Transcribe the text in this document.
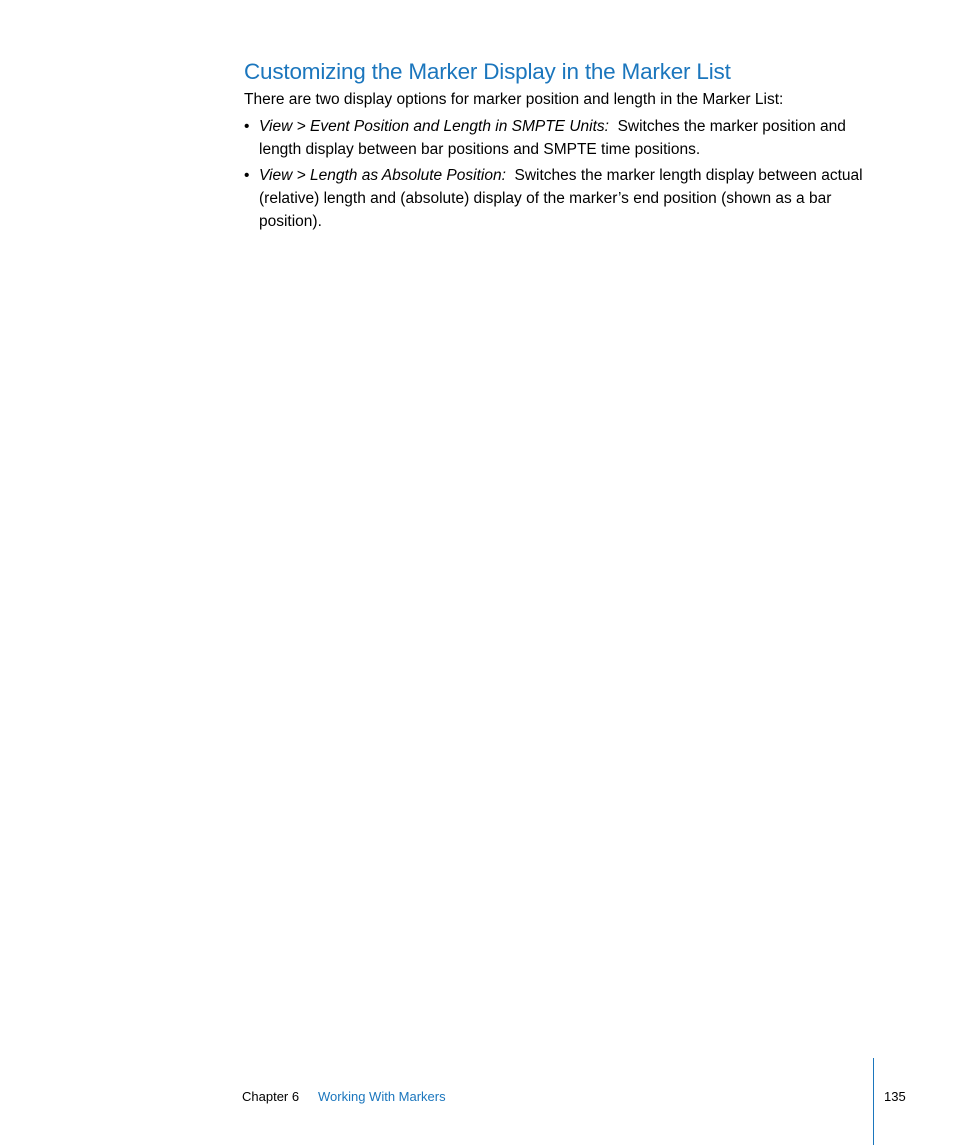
Customizing the Marker Display in the Marker List

There are two display options for marker position and length in the Marker List:

• View > Event Position and Length in SMPTE Units: Switches the marker position and length display between bar positions and SMPTE time positions.
• View > Length as Absolute Position: Switches the marker length display between actual (relative) length and (absolute) display of the marker’s end position (shown as a bar position).
Chapter 6 Working With Markers	135
